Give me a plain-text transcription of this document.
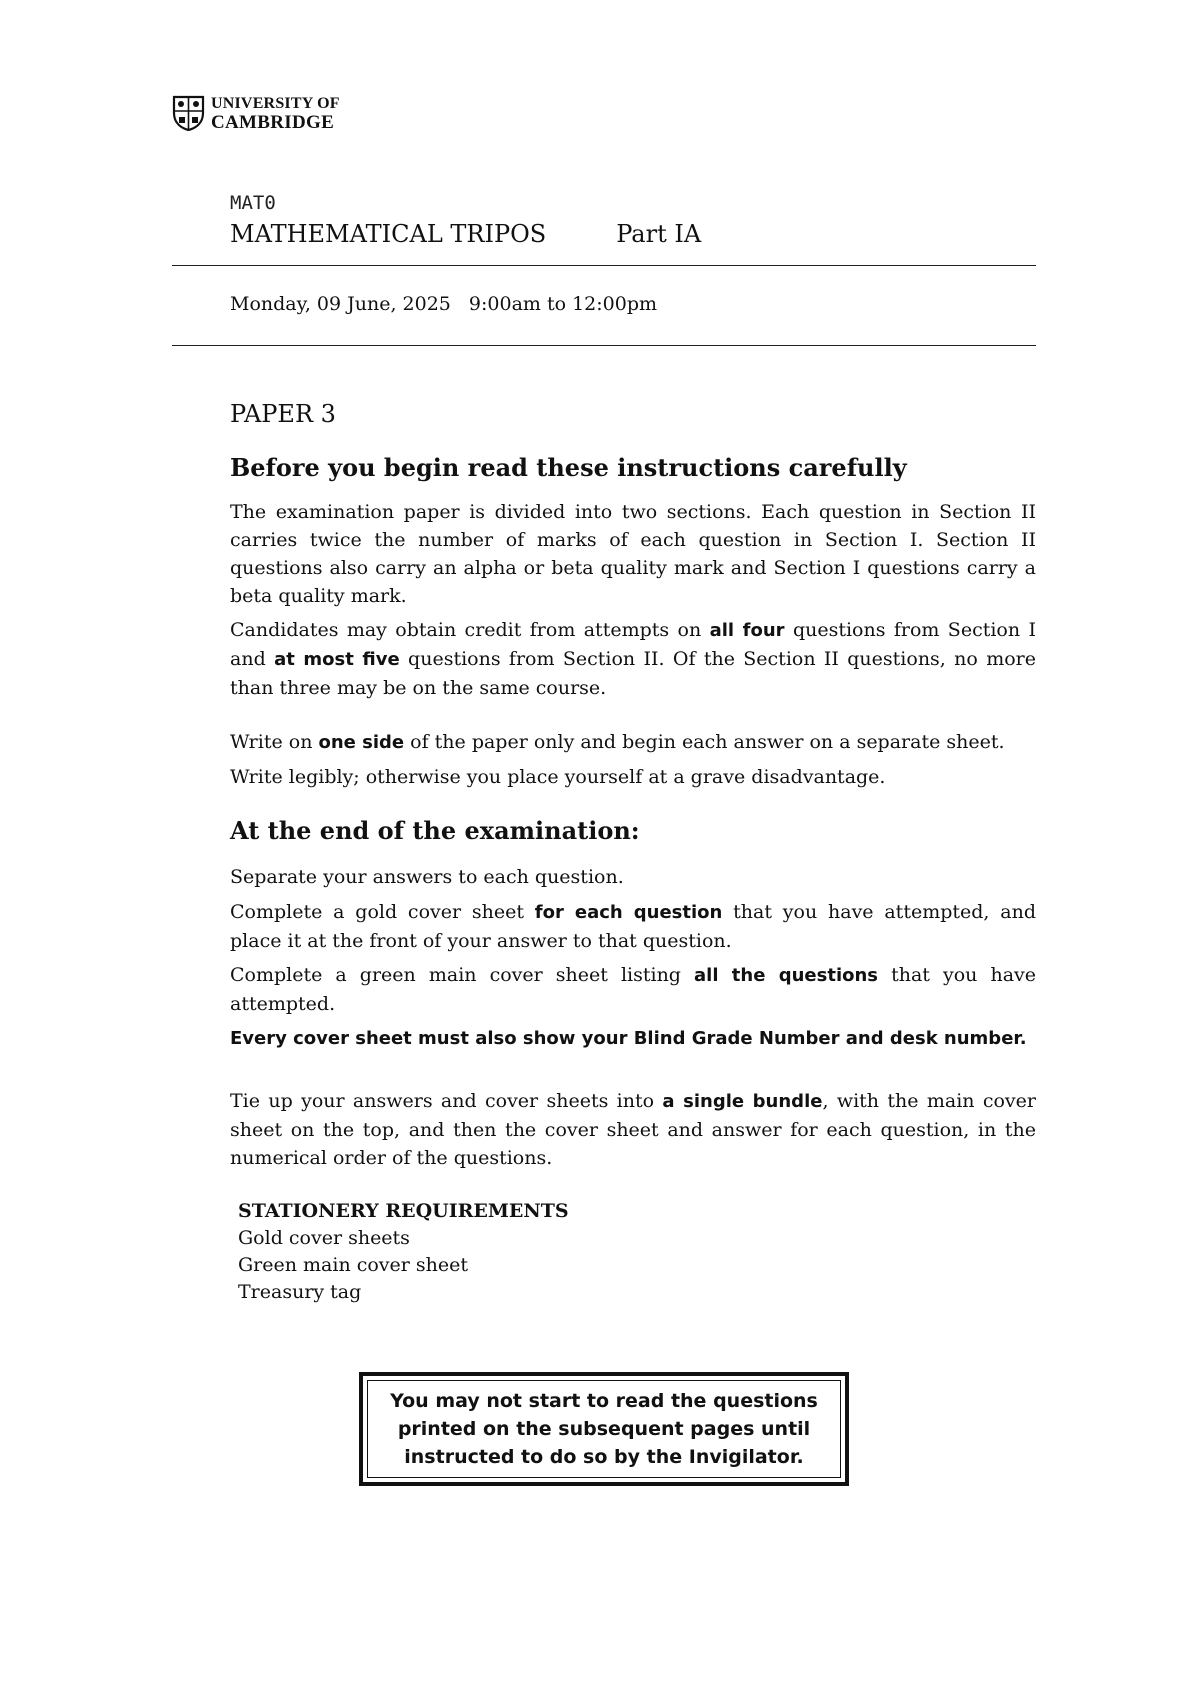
UNIVERSITY OF
CAMBRIDGE
MAT0
MATHEMATICAL TRIPOS	Part IA
Monday, 09 June, 2025 9:00am to 12:00pm
PAPER 3
Before you begin read these instructions carefully

The examination paper is divided into two sections. Each question in Section II carries twice the number of marks of each question in Section I. Section II questions also carry an alpha or beta quality mark and Section I questions carry a beta quality mark.

Candidates may obtain credit from attempts on all four questions from Section I and at most five questions from Section II. Of the Section II questions, no more than three may be on the same course.

Write on one side of the paper only and begin each answer on a separate sheet.

Write legibly; otherwise you place yourself at a grave disadvantage.

At the end of the examination:

Separate your answers to each question.

Complete a gold cover sheet for each question that you have attempted, and place it at the front of your answer to that question.

Complete a green main cover sheet listing all the questions that you have attempted.

Every cover sheet must also show your Blind Grade Number and desk number.

Tie up your answers and cover sheets into a single bundle, with the main cover sheet on the top, and then the cover sheet and answer for each question, in the numerical order of the questions.

STATIONERY REQUIREMENTS
Gold cover sheets
Green main cover sheet
Treasury tag
You may not start to read the questions
printed on the subsequent pages until
instructed to do so by the Invigilator.
